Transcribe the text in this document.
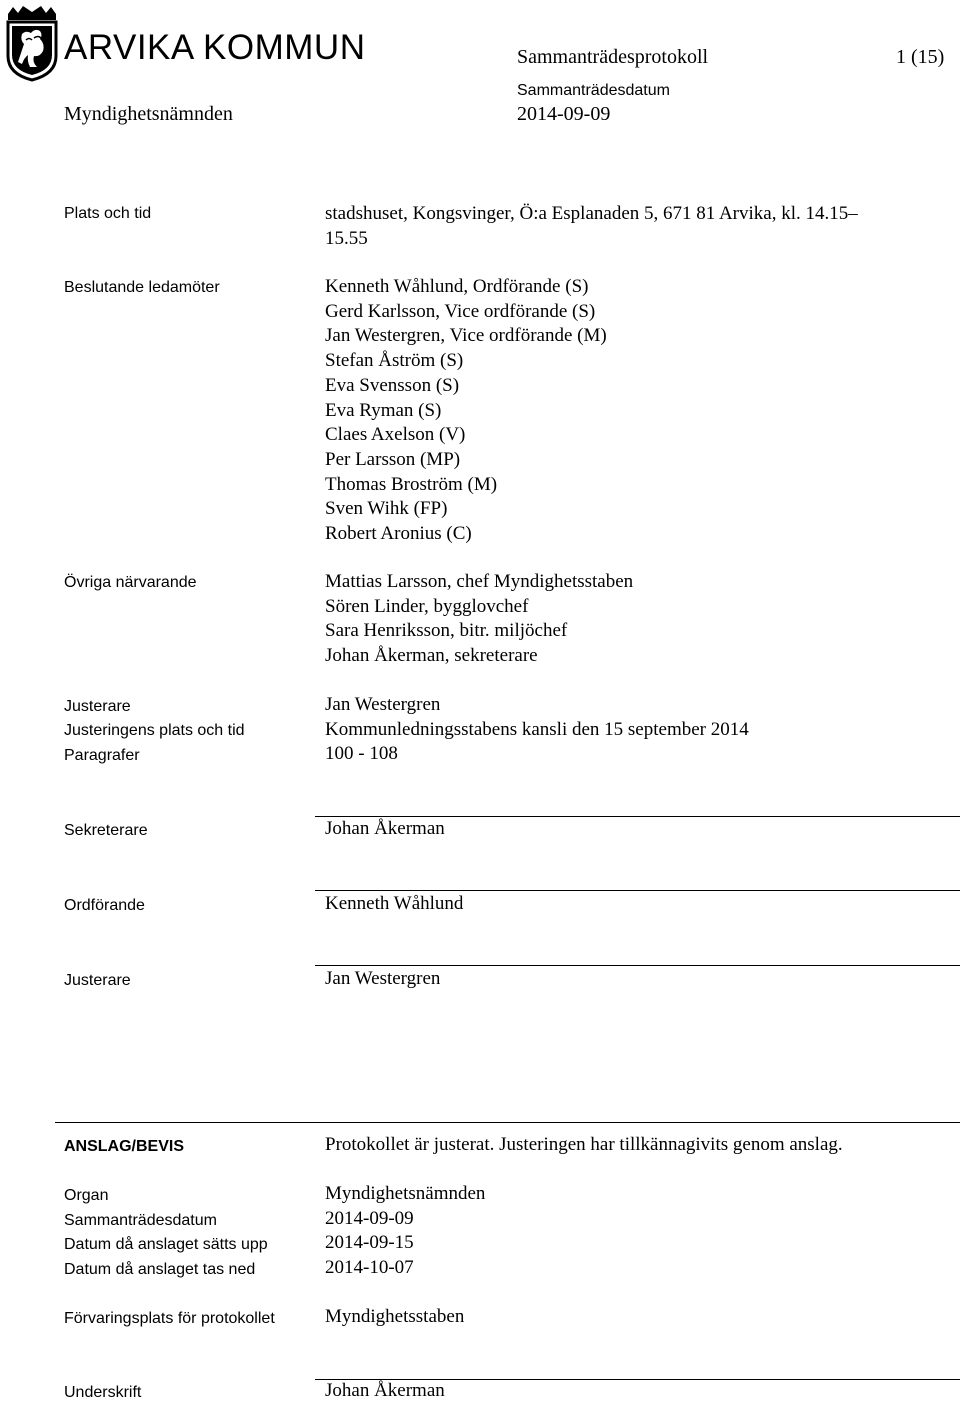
ARVIKA KOMMUN	Sammanträdesprotokoll	1 (15)
Myndighetsnämnden
Sammanträdesdatum
2014-09-09
Plats och tid	stadshuset, Kongsvinger, Ö:a Esplanaden 5, 671 81 Arvika, kl. 14.15–
15.55
Beslutande ledamöter	Kenneth Wåhlund, Ordförande (S)
Gerd Karlsson, Vice ordförande (S)
Jan Westergren, Vice ordförande (M)
Stefan Åström (S)
Eva Svensson (S)
Eva Ryman (S)
Claes Axelson (V)
Per Larsson (MP)
Thomas Broström (M)
Sven Wihk (FP)
Robert Aronius (C)
Övriga närvarande	Mattias Larsson, chef Myndighetsstaben
Sören Linder, bygglovchef
Sara Henriksson, bitr. miljöchef
Johan Åkerman, sekreterare
Justerare	Jan Westergren
Justeringens plats och tid	Kommunledningsstabens kansli den 15 september 2014
Paragrafer	100 - 108
Sekreterare	Johan Åkerman
Ordförande	Kenneth Wåhlund
Justerare	Jan Westergren
ANSLAG/BEVIS	Protokollet är justerat. Justeringen har tillkännagivits genom anslag.
Organ	Myndighetsnämnden
Sammanträdesdatum	2014-09-09
Datum då anslaget sätts upp	2014-09-15
Datum då anslaget tas ned	2014-10-07
Förvaringsplats för protokollet	Myndighetsstaben
Underskrift	Johan Åkerman
